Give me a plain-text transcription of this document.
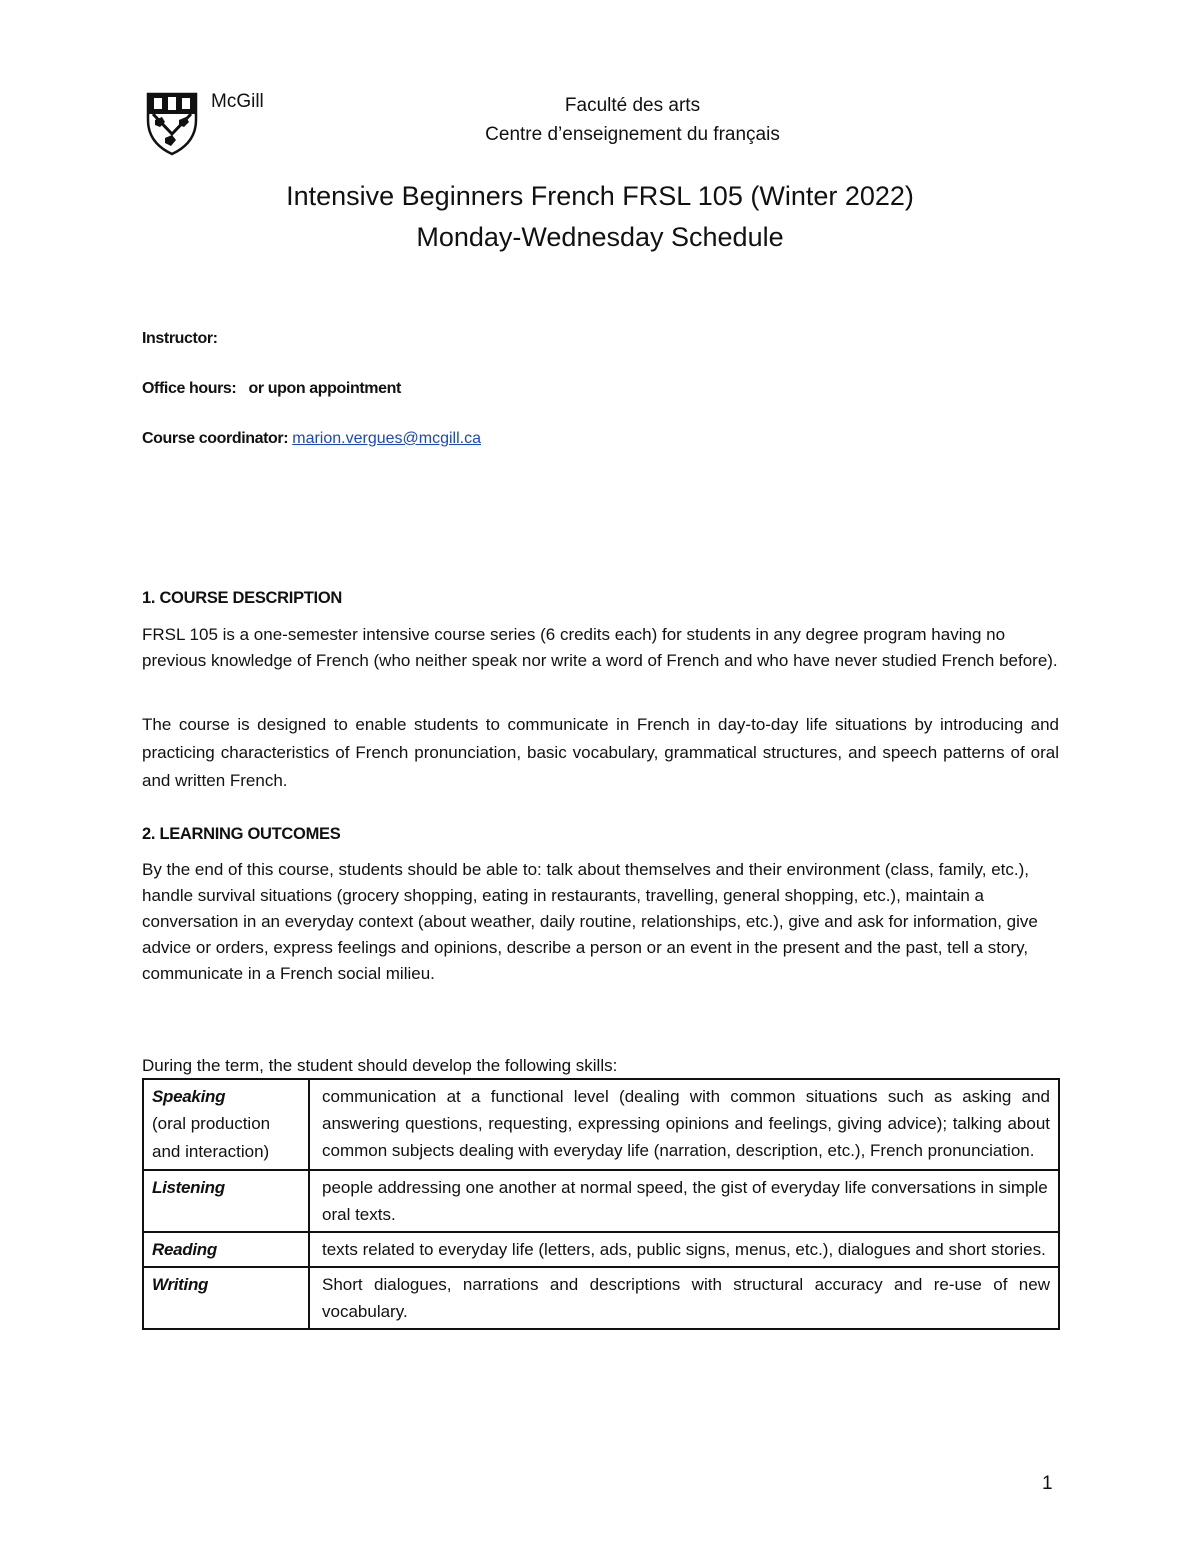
McGill	Faculté des arts
Centre d’enseignement du français
Intensive Beginners French FRSL 105 (Winter 2022)
Monday-Wednesday Schedule
Instructor:
Office hours: or upon appointment
Course coordinator: marion.vergues@mcgill.ca
1. COURSE DESCRIPTION

FRSL 105 is a one-semester intensive course series (6 credits each) for students in any degree program having no previous knowledge of French (who neither speak nor write a word of French and who have never studied French before).

The course is designed to enable students to communicate in French in day-to-day life situations by introducing and practicing characteristics of French pronunciation, basic vocabulary, grammatical structures, and speech patterns of oral and written French.

2. LEARNING OUTCOMES

By the end of this course, students should be able to: talk about themselves and their environment (class, family, etc.), handle survival situations (grocery shopping, eating in restaurants, travelling, general shopping, etc.), maintain a conversation in an everyday context (about weather, daily routine, relationships, etc.), give and ask for information, give advice or orders, express feelings and opinions, describe a person or an event in the present and the past, tell a story, communicate in a French social milieu.

During the term, the student should develop the following skills:

Speaking
(oral production and interaction)	communication at a functional level (dealing with common situations such as asking and answering questions, requesting, expressing opinions and feelings, giving advice); talking about common subjects dealing with everyday life (narration, description, etc.), French pronunciation.
Listening	people addressing one another at normal speed, the gist of everyday life conversations in simple oral texts.
Reading	texts related to everyday life (letters, ads, public signs, menus, etc.), dialogues and short stories.
Writing	Short dialogues, narrations and descriptions with structural accuracy and re-use of new vocabulary.
1
